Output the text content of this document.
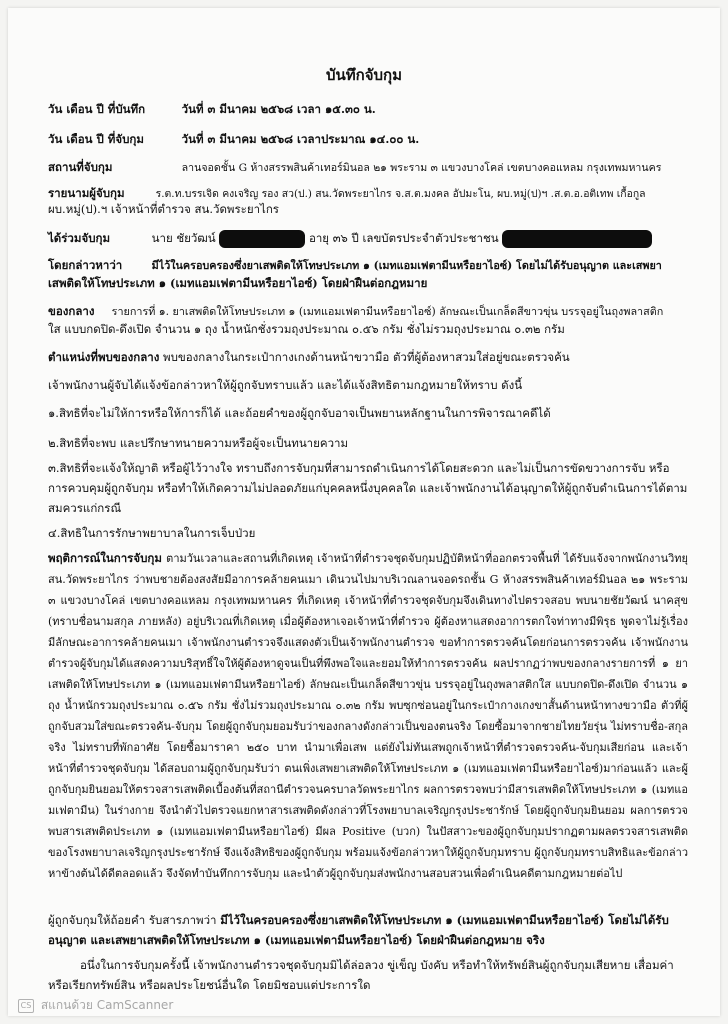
บันทึกจับกุม
วัน เดือน ปี ที่บันทึก	วันที่ ๓ มีนาคม ๒๕๖๘ เวลา ๑๕.๓๐ น.
วัน เดือน ปี ที่จับกุม	วันที่ ๓ มีนาคม ๒๕๖๘ เวลาประมาณ ๑๔.๐๐ น.
สถานที่จับกุม	ลานจอดชั้น G ห้างสรรพสินค้าเทอร์มินอล ๒๑ พระราม ๓ แขวงบางโคล่ เขตบางคอแหลม กรุงเทพมหานคร
รายนามผู้จับกุม	ร.ต.ท.บรรเจิด คงเจริญ รอง สว(ป.) สน.วัดพระยาไกร จ.ส.ต.มงคล อัปมะโน, ผบ.หมู่(ป)ฯ .ส.ต.อ.อติเทพ เกื้อกูล
ผบ.หมู่(ป).ฯ เจ้าหน้าที่ตำรวจ สน.วัดพระยาไกร
ได้ร่วมจับกุม	นาย ชัยวัฒน์	อายุ ๓๖ ปี เลขบัตรประจำตัวประชาชน
โดยกล่าวหาว่า	มีไว้ในครอบครองซึ่งยาเสพติดให้โทษประเภท ๑ (เมทแอมเฟตามีนหรือยาไอซ์) โดยไม่ได้รับอนุญาต และเสพยา
เสพติดให้โทษประเภท ๑ (เมทแอมเฟตามีนหรือยาไอซ์) โดยฝ่าฝืนต่อกฎหมาย
ของกลาง รายการที่ ๑. ยาเสพติดให้โทษประเภท ๑ (เมทแอมเฟตามีนหรือยาไอซ์) ลักษณะเป็นเกล็ดสีขาวขุ่น บรรจุอยู่ในถุงพลาสติก
ใส แบบกดปิด-ดึงเปิด จำนวน ๑ ถุง น้ำหนักชั่งรวมถุงประมาณ ๐.๕๖ กรัม ชั่งไม่รวมถุงประมาณ ๐.๓๒ กรัม
ตำแหน่งที่พบของกลาง พบของกลางในกระเป๋ากางเกงด้านหน้าขวามือ ตัวที่ผู้ต้องหาสวมใส่อยู่ขณะตรวจค้น
เจ้าพนักงานผู้จับได้แจ้งข้อกล่าวหาให้ผู้ถูกจับทราบแล้ว และได้แจ้งสิทธิตามกฎหมายให้ทราบ ดังนี้
๑.สิทธิที่จะไม่ให้การหรือให้การก็ได้ และถ้อยคำของผู้ถูกจับอาจเป็นพยานหลักฐานในการพิจารณาคดีได้
๒.สิทธิที่จะพบ และปรึกษาทนายความหรือผู้จะเป็นทนายความ
๓.สิทธิที่จะแจ้งให้ญาติ หรือผู้ไว้วางใจ ทราบถึงการจับกุมที่สามารถดำเนินการได้โดยสะดวก และไม่เป็นการขัดขวางการจับ หรือการควบคุมผู้ถูกจับกุม หรือทำให้เกิดความไม่ปลอดภัยแก่บุคคลหนึ่งบุคคลใด และเจ้าพนักงานได้อนุญาตให้ผู้ถูกจับดำเนินการได้ตามสมควรแก่กรณี
๔.สิทธิในการรักษาพยาบาลในการเจ็บป่วย
พฤติการณ์ในการจับกุม ตามวันเวลาและสถานที่เกิดเหตุ เจ้าหน้าที่ตำรวจชุดจับกุมปฏิบัติหน้าที่ออกตรวจพื้นที่ ได้รับแจ้งจากพนักงานวิทยุ สน.วัดพระยาไกร ว่าพบชายต้องสงสัยมีอาการคล้ายคนเมา เดินวนไปมาบริเวณลานจอดรถชั้น G ห้างสรรพสินค้าเทอร์มินอล ๒๑ พระราม ๓ แขวงบางโคล่ เขตบางคอแหลม กรุงเทพมหานคร ที่เกิดเหตุ เจ้าหน้าที่ตำรวจชุดจับกุมจึงเดินทางไปตรวจสอบ พบนายชัยวัฒน์ นาคสุข (ทราบชื่อนามสกุล ภายหลัง) อยู่บริเวณที่เกิดเหตุ เมื่อผู้ต้องหาเจอเจ้าหน้าที่ตำรวจ ผู้ต้องหาแสดงอาการตกใจท่าทางมีพิรุธ พูดจาไม่รู้เรื่องมีลักษณะอาการคล้ายคนเมา เจ้าพนักงานตำรวจจึงแสดงตัวเป็นเจ้าพนักงานตำรวจ ขอทำการตรวจค้นโดยก่อนการตรวจค้น เจ้าพนักงานตำรวจผู้จับกุมได้แสดงความบริสุทธิ์ใจให้ผู้ต้องหาดูจนเป็นที่พึงพอใจและยอมให้ทำการตรวจค้น ผลปรากฏว่าพบของกลางรายการที่ ๑ ยาเสพติดให้โทษประเภท ๑ (เมทแอมเฟตามีนหรือยาไอซ์) ลักษณะเป็นเกล็ดสีขาวขุ่น บรรจุอยู่ในถุงพลาสติกใส แบบกดปิด-ดึงเปิด จำนวน ๑ ถุง น้ำหนักรวมถุงประมาณ ๐.๕๖ กรัม ชั่งไม่รวมถุงประมาณ ๐.๓๒ กรัม พบซุกซ่อนอยู่ในกระเป๋ากางเกงขาสั้นด้านหน้าทางขวามือ ตัวที่ผู้ถูกจับสวมใส่ขณะตรวจค้น-จับกุม โดยผู้ถูกจับกุมยอมรับว่าของกลางดังกล่าวเป็นของตนจริง โดยซื้อมาจากชายไทยวัยรุ่น ไม่ทราบชื่อ-สกุลจริง ไม่ทราบที่พักอาศัย โดยซื้อมาราคา ๒๕๐ บาท นำมาเพื่อเสพ แต่ยังไม่ทันเสพถูกเจ้าหน้าที่ตำรวจตรวจค้น-จับกุมเสียก่อน และเจ้าหน้าที่ตำรวจชุดจับกุม ได้สอบถามผู้ถูกจับกุมรับว่า ตนเพิ่งเสพยาเสพติดให้โทษประเภท ๑ (เมทแอมเฟตามีนหรือยาไอซ์)มาก่อนแล้ว และผู้ถูกจับกุมยินยอมให้ตรวจสารเสพติดเบื้องต้นที่สถานีตำรวจนครบาลวัดพระยาไกร ผลการตรวจพบว่ามีสารเสพติดให้โทษประเภท ๑ (เมทแอมเฟตามีน) ในร่างกาย จึงนำตัวไปตรวจแยกหาสารเสพติดดังกล่าวที่โรงพยาบาลเจริญกรุงประชารักษ์ โดยผู้ถูกจับกุมยินยอม ผลการตรวจพบสารเสพติดประเภท ๑ (เมทแอมเฟตามีนหรือยาไอซ์) มีผล Positive (บวก) ในปัสสาวะของผู้ถูกจับกุมปรากฏตามผลตรวจสารเสพติดของโรงพยาบาลเจริญกรุงประชารักษ์ จึงแจ้งสิทธิของผู้ถูกจับกุม พร้อมแจ้งข้อกล่าวหาให้ผู้ถูกจับกุมทราบ ผู้ถูกจับกุมทราบสิทธิและข้อกล่าวหาข้างต้นได้ดีตลอดแล้ว จึงจัดทำบันทึกการจับกุม และนำตัวผู้ถูกจับกุมส่งพนักงานสอบสวนเพื่อดำเนินคดีตามกฎหมายต่อไป
ผู้ถูกจับกุมให้ถ้อยคำ รับสารภาพว่า มีไว้ในครอบครองซึ่งยาเสพติดให้โทษประเภท ๑ (เมทแอมเฟตามีนหรือยาไอซ์) โดยไม่ได้รับอนุญาต และเสพยาเสพติดให้โทษประเภท ๑ (เมทแอมเฟตามีนหรือยาไอซ์) โดยฝ่าฝืนต่อกฎหมาย จริง
อนึ่งในการจับกุมครั้งนี้ เจ้าพนักงานตำรวจชุดจับกุมมิได้ล่อลวง ขู่เข็ญ บังคับ หรือทำให้ทรัพย์สินผู้ถูกจับกุมเสียหาย เสื่อมค่า
หรือเรียกทรัพย์สิน หรือผลประโยชน์อื่นใด โดยมิชอบแต่ประการใด
CS สแกนด้วย CamScanner
